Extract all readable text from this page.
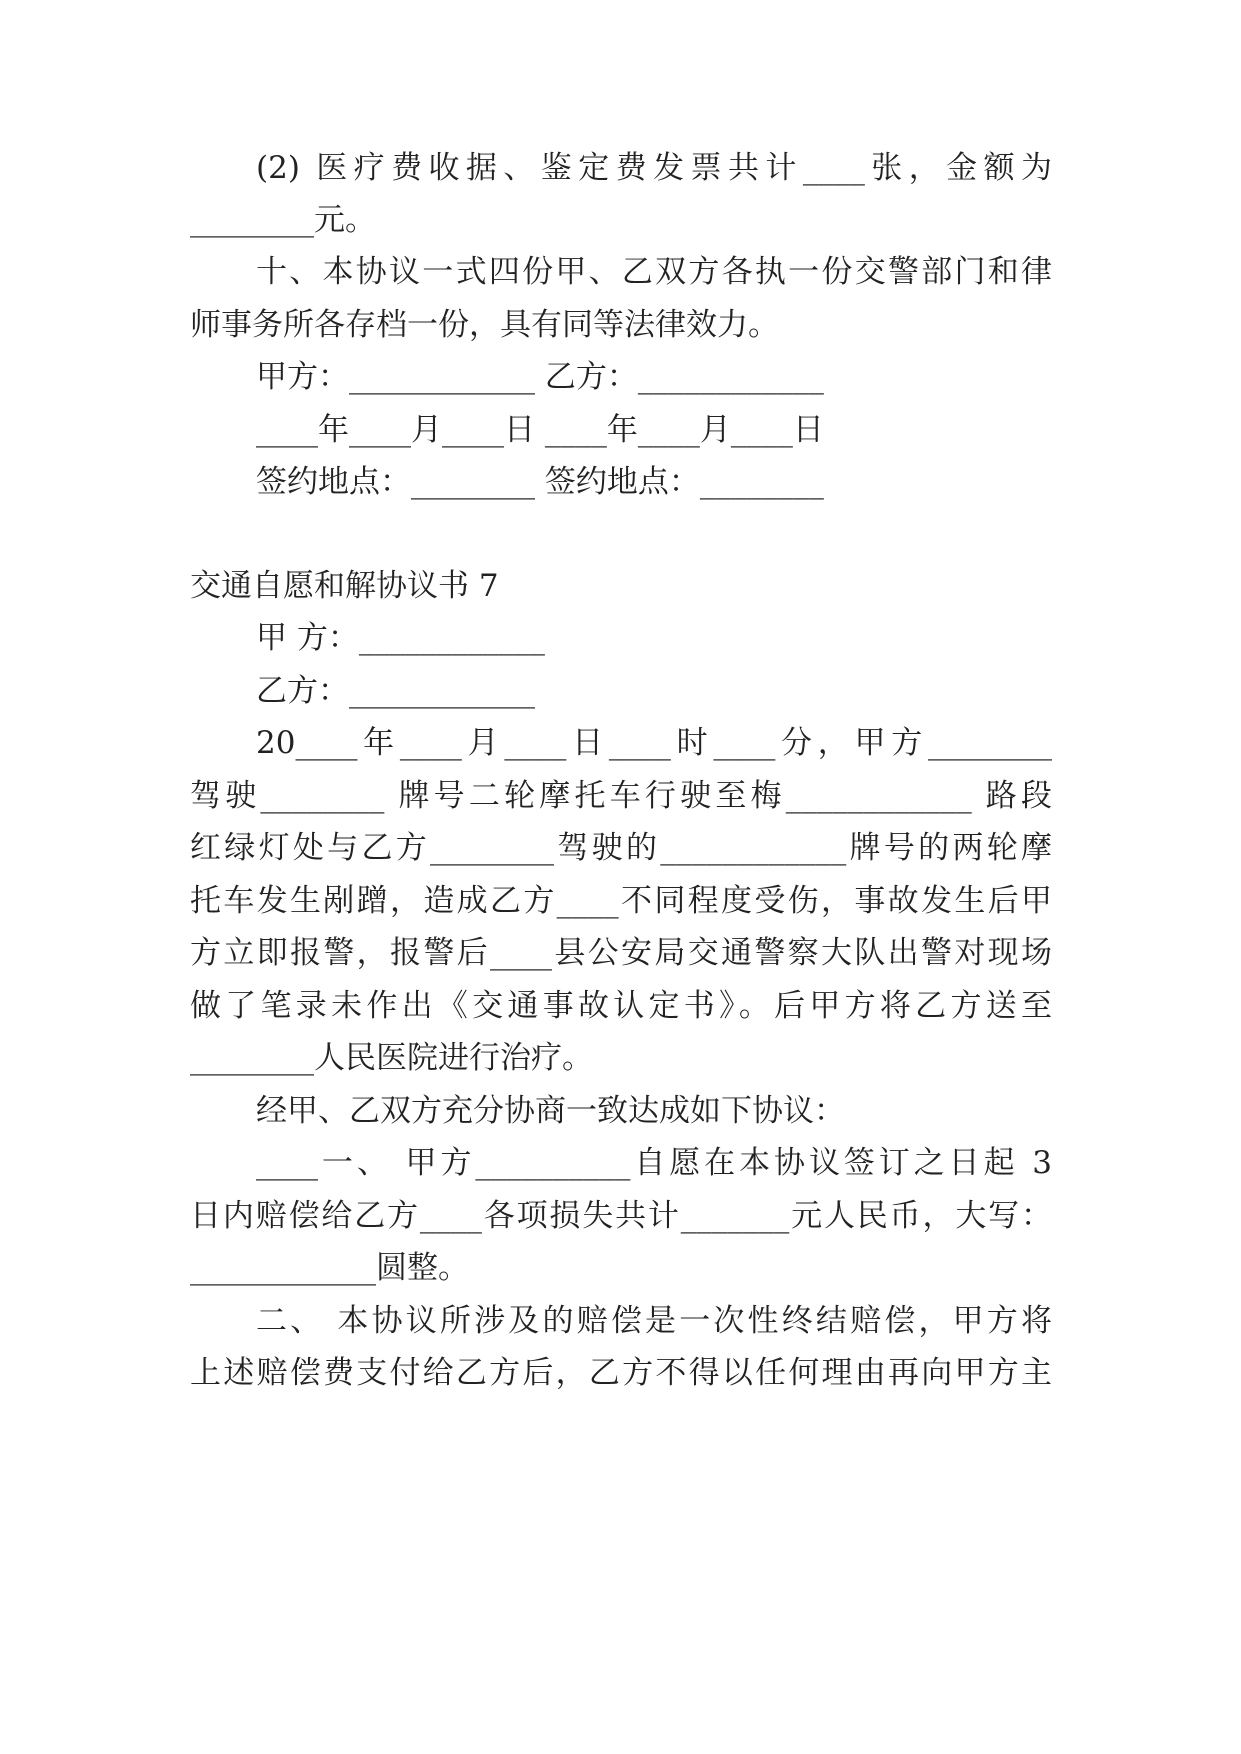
(2) 医疗费收据、鉴定费发票共计____张，金额为
________元。
十、本协议一式四份甲、乙双方各执一份交警部门和律
师事务所各存档一份，具有同等法律效力。
甲方：____________ 乙方：____________
____年____月____日 ____年____月____日
签约地点：________ 签约地点：________
交通自愿和解协议书 7
甲 方：____________
乙方：____________
20____年____月____日____时____分，甲方________
驾驶________ 牌号二轮摩托车行驶至梅____________ 路段
红绿灯处与乙方________驾驶的____________牌号的两轮摩
托车发生剐蹭，造成乙方____不同程度受伤，事故发生后甲
方立即报警，报警后____县公安局交通警察大队出警对现场
做了笔录未作出《交通事故认定书》。后甲方将乙方送至
________人民医院进行治疗。
经甲、乙双方充分协商一致达成如下协议：
____一、 甲方__________自愿在本协议签订之日起 3
日内赔偿给乙方____各项损失共计_______元人民币，大写：
____________圆整。
二、 本协议所涉及的赔偿是一次性终结赔偿，甲方将
上述赔偿费支付给乙方后，乙方不得以任何理由再向甲方主
